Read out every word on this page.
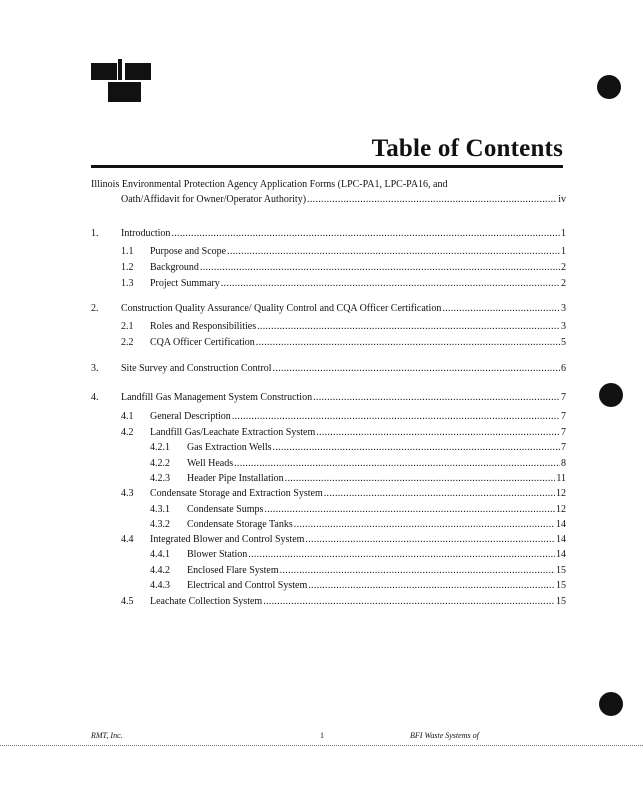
Table of Contents
Illinois Environmental Protection Agency Application Forms (LPC-PA1, LPC-PA16, and
Oath/Affidavit for Owner/Operator Authority) .....	iv
1.	Introduction .....	1
1.1	Purpose and Scope .....	1
1.2	Background .....	2
1.3	Project Summary .....	2
2.	Construction Quality Assurance/ Quality Control and CQA Officer Certification .....	3
2.1	Roles and Responsibilities .....	3
2.2	CQA Officer Certification .....	5
3.	Site Survey and Construction Control .....	6
4.	Landfill Gas Management System Construction .....	7
4.1	General Description .....	7
4.2	Landfill Gas/Leachate Extraction System .....	7
4.2.1	Gas Extraction Wells .....	7
4.2.2	Well Heads .....	8
4.2.3	Header Pipe Installation .....	11
4.3	Condensate Storage and Extraction System .....	12
4.3.1	Condensate Sumps .....	12
4.3.2	Condensate Storage Tanks .....	14
4.4	Integrated Blower and Control System .....	14
4.4.1	Blower Station .....	14
4.4.2	Enclosed Flare System .....	15
4.4.3	Electrical and Control System .....	15
4.5	Leachate Collection System .....	15
RMT, Inc.	1	BFI Waste Systems of
